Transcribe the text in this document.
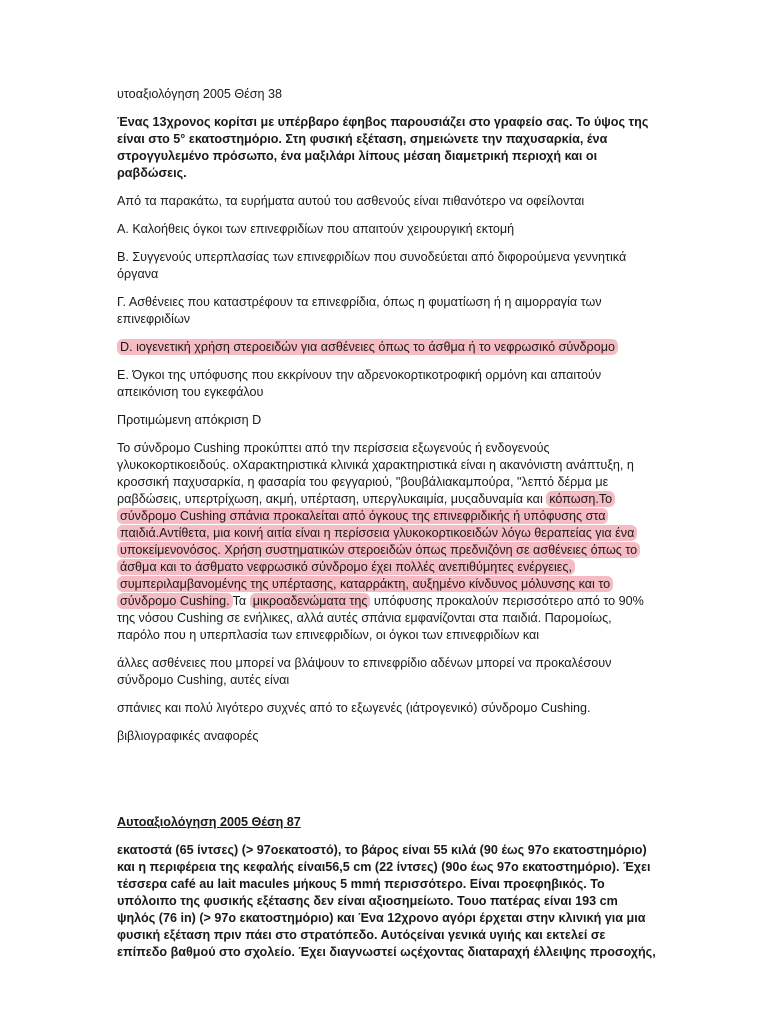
υτοαξιολόγηση 2005 Θέση 38

Ένας 13χρονος κορίτσι με υπέρβαρο έφηβος παρουσιάζει στο γραφείο σας. Το ύψος της είναι στο 5° εκατοστημόριο. Στη φυσική εξέταση, σημειώνετε την παχυσαρκία, ένα στρογγυλεμένο πρόσωπο, ένα μαξιλάρι λίπους μέσαη διαμετρική περιοχή και οι ραβδώσεις.

Από τα παρακάτω, τα ευρήματα αυτού του ασθενούς είναι πιθανότερο να οφείλονται

Α. Καλοήθεις όγκοι των επινεφριδίων που απαιτούν χειρουργική εκτομή

Β. Συγγενούς υπερπλασίας των επινεφριδίων που συνοδεύεται από διφορούμενα γεννητικά όργανα

Γ. Ασθένειες που καταστρέφουν τα επινεφρίδια, όπως η φυματίωση ή η αιμορραγία των επινεφριδίων

D. ιογενετική χρήση στεροειδών για ασθένειες όπως το άσθμα ή το νεφρωσικό σύνδρομο

Ε. Όγκοι της υπόφυσης που εκκρίνουν την αδρενοκορτικοτροφική ορμόνη και απαιτούν απεικόνιση του εγκεφάλου

Προτιμώμενη απόκριση D

Το σύνδρομο Cushing προκύπτει από την περίσσεια εξωγενούς ή ενδογενούς γλυκοκορτικοειδούς. οΧαρακτηριστικά κλινικά χαρακτηριστικά είναι η ακανόνιστη ανάπτυξη, η κροσσική παχυσαρκία, η φασαρία του φεγγαριού, "βουβάλιακαμπούρα, "λεπτό δέρμα με ραβδώσεις, υπερτρίχωση, ακμή, υπέρταση, υπεργλυκαιμία, μυςαδυναμία και κόπωση.Το σύνδρομο Cushing σπάνια προκαλείται από όγκους της επινεφριδικής ή υπόφυσης στα παιδιά.Αντίθετα, μια κοινή αιτία είναι η περίσσεια γλυκοκορτικοειδών λόγω θεραπείας για ένα υποκείμενονόσος. Χρήση συστηματικών στεροειδών όπως πρεδνιζόνη σε ασθένειες όπως το άσθμα και το άσθματο νεφρωσικό σύνδρομο έχει πολλές ανεπιθύμητες ενέργειες, συμπεριλαμβανομένης της υπέρτασης, καταρράκτη, αυξημένο κίνδυνος μόλυνσης και το σύνδρομο Cushing. Τα μικροαδενώματα της υπόφυσης προκαλούν περισσότερο από το 90% της νόσου Cushing σε ενήλικες, αλλά αυτές σπάνια εμφανίζονται στα παιδιά. Παρομοίως, παρόλο που η υπερπλασία των επινεφριδίων, οι όγκοι των επινεφριδίων και

άλλες ασθένειες που μπορεί να βλάψουν το επινεφρίδιο αδένων μπορεί να προκαλέσουν σύνδρομο Cushing, αυτές είναι

σπάνιες και πολύ λιγότερο συχνές από το εξωγενές (ιάτρογενικό) σύνδρομο Cushing.

βιβλιογραφικές αναφορές

Αυτοαξιολόγηση 2005 Θέση 87

εκατοστά (65 ίντσες) (> 97οεκατοστό), το βάρος είναι 55 κιλά (90 έως 97ο εκατοστημόριο) και η περιφέρεια της κεφαλής είναι56,5 cm (22 ίντσες) (90ο έως 97ο εκατοστημόριο). Έχει τέσσερα café au lait macules μήκους 5 mmή περισσότερο. Είναι προεφηβικός. Το υπόλοιπο της φυσικής εξέτασης δεν είναι αξιοσημείωτο. Τουο πατέρας είναι 193 cm ψηλός (76 in) (> 97ο εκατοστημόριο) και Ένα 12χρονο αγόρι έρχεται στην κλινική για μια φυσική εξέταση πριν πάει στο στρατόπεδο. Αυτόςείναι γενικά υγιής και εκτελεί σε επίπεδο βαθμού στο σχολείο. Έχει διαγνωστεί ωςέχοντας διαταραχή έλλειψης προσοχής,
